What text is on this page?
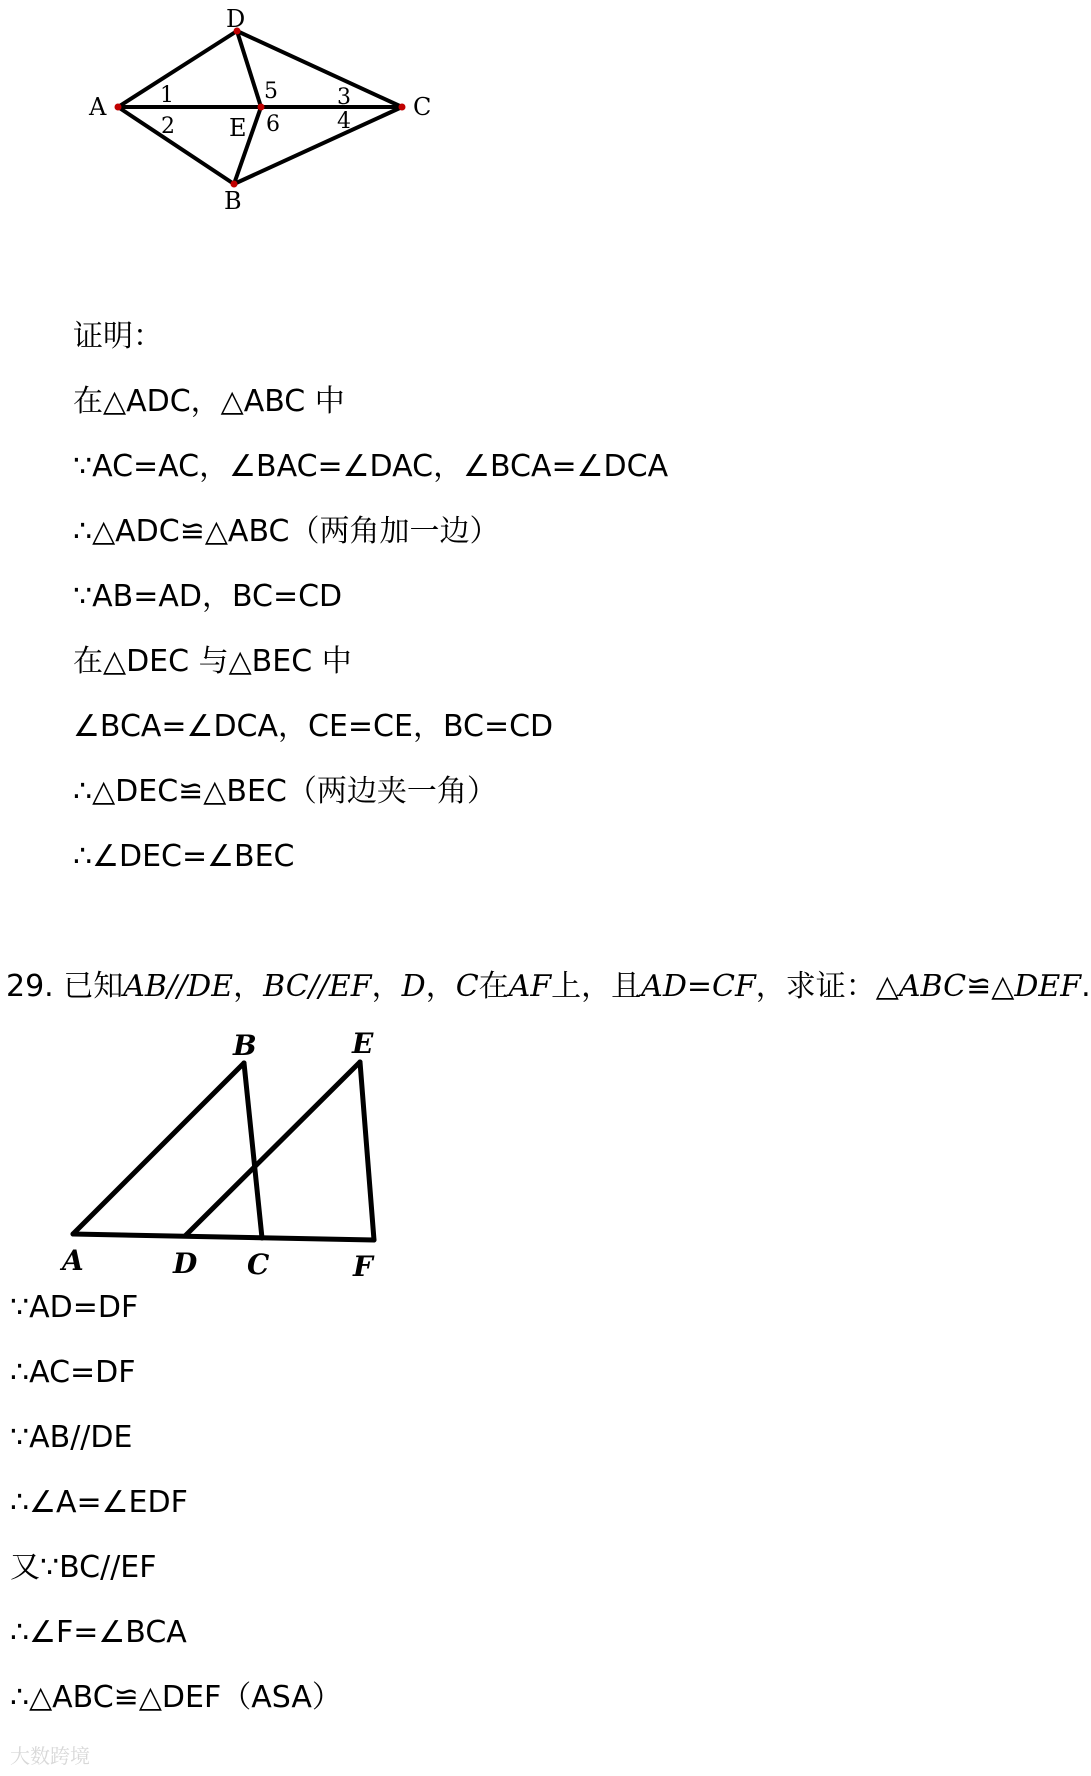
D
A	C
E
B
1
2
5
6
3
4
证明：
在△ADC，△ABC 中
∵AC=AC，∠BAC=∠DAC，∠BCA=∠DCA
∴△ADC≌△ABC（两角加一边）
∵AB=AD，BC=CD
在△DEC 与△BEC 中
∠BCA=∠DCA，CE=CE，BC=CD
∴△DEC≌△BEC（两边夹一角）
∴∠DEC=∠BEC
29. 已知AB//DE，BC//EF，D，C在AF上，且AD=CF，求证：△ABC≌△DEF.
B	E
A	D C	F
∵AD=DF
∴AC=DF
∵AB//DE
∴∠A=∠EDF
又∵BC//EF
∴∠F=∠BCA
∴△ABC≌△DEF（ASA）
大数跨境
